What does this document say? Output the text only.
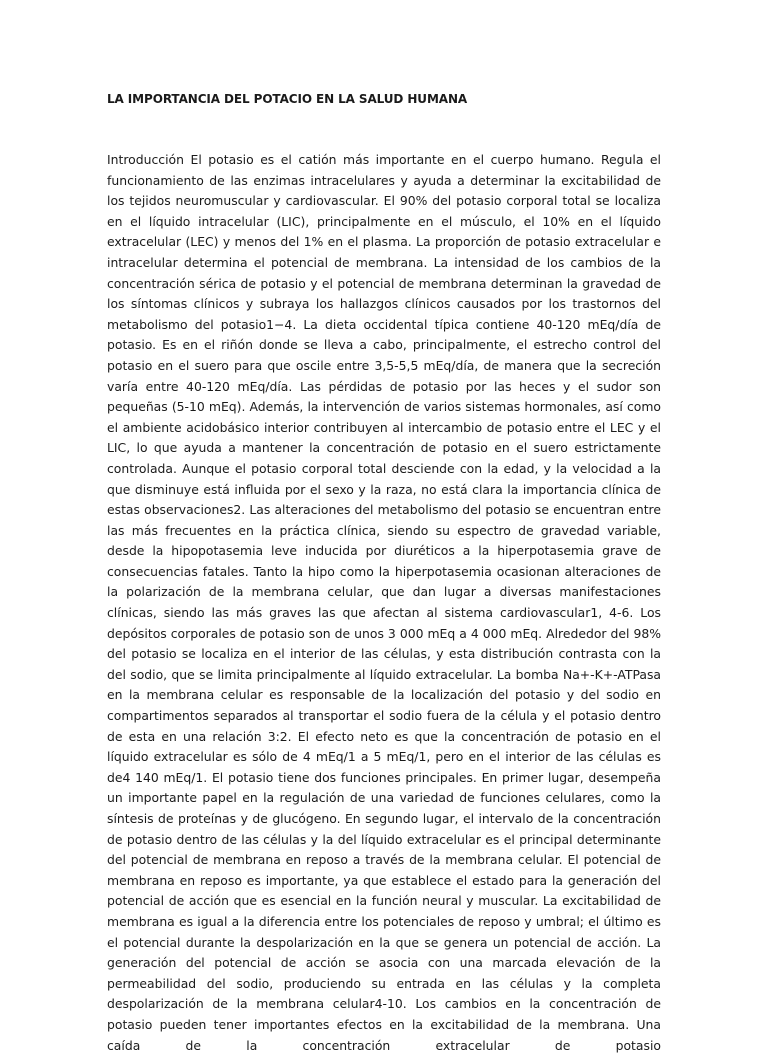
LA IMPORTANCIA DEL POTACIO EN LA SALUD HUMANA

Introducción El potasio es el catión más importante en el cuerpo humano. Regula el funcionamiento de las enzimas intracelulares y ayuda a determinar la excitabilidad de los tejidos neuromuscular y cardiovascular. El 90% del potasio corporal total se localiza en el líquido intracelular (LIC), principalmente en el músculo, el 10% en el líquido extracelular (LEC) y menos del 1% en el plasma. La proporción de potasio extracelular e intracelular determina el potencial de membrana. La intensidad de los cambios de la concentración sérica de potasio y el potencial de membrana determinan la gravedad de los síntomas clínicos y subraya los hallazgos clínicos causados por los trastornos del metabolismo del potasio1−4. La dieta occidental típica contiene 40-120 mEq/día de potasio. Es en el riñón donde se lleva a cabo, principalmente, el estrecho control del potasio en el suero para que oscile entre 3,5-5,5 mEq/día, de manera que la secreción varía entre 40-120 mEq/día. Las pérdidas de potasio por las heces y el sudor son pequeñas (5-10 mEq). Además, la intervención de varios sistemas hormonales, así como el ambiente acidobásico interior contribuyen al intercambio de potasio entre el LEC y el LIC, lo que ayuda a mantener la concentración de potasio en el suero estrictamente controlada. Aunque el potasio corporal total desciende con la edad, y la velocidad a la que disminuye está influida por el sexo y la raza, no está clara la importancia clínica de estas observaciones2. Las alteraciones del metabolismo del potasio se encuentran entre las más frecuentes en la práctica clínica, siendo su espectro de gravedad variable, desde la hipopotasemia leve inducida por diuréticos a la hiperpotasemia grave de consecuencias fatales. Tanto la hipo como la hiperpotasemia ocasionan alteraciones de la polarización de la membrana celular, que dan lugar a diversas manifestaciones clínicas, siendo las más graves las que afectan al sistema cardiovascular1, 4-6. Los depósitos corporales de potasio son de unos 3 000 mEq a 4 000 mEq. Alrededor del 98% del potasio se localiza en el interior de las células, y esta distribución contrasta con la del sodio, que se limita principalmente al líquido extracelular. La bomba Na+-K+-ATPasa en la membrana celular es responsable de la localización del potasio y del sodio en compartimentos separados al transportar el sodio fuera de la célula y el potasio dentro de esta en una relación 3:2. El efecto neto es que la concentración de potasio en el líquido extracelular es sólo de 4 mEq/1 a 5 mEq/1, pero en el interior de las células es de4 140 mEq/1. El potasio tiene dos funciones principales. En primer lugar, desempeña un importante papel en la regulación de una variedad de funciones celulares, como la síntesis de proteínas y de glucógeno. En segundo lugar, el intervalo de la concentración de potasio dentro de las células y la del líquido extracelular es el principal determinante del potencial de membrana en reposo a través de la membrana celular. El potencial de membrana en reposo es importante, ya que establece el estado para la generación del potencial de acción que es esencial en la función neural y muscular. La excitabilidad de membrana es igual a la diferencia entre los potenciales de reposo y umbral; el último es el potencial durante la despolarización en la que se genera un potencial de acción. La generación del potencial de acción se asocia con una marcada elevación de la permeabilidad del sodio, produciendo su entrada en las células y la completa despolarización de la membrana celular4-10. Los cambios en la concentración de potasio pueden tener importantes efectos en la excitabilidad de la membrana. Una caída de la concentración extracelular de potasio
